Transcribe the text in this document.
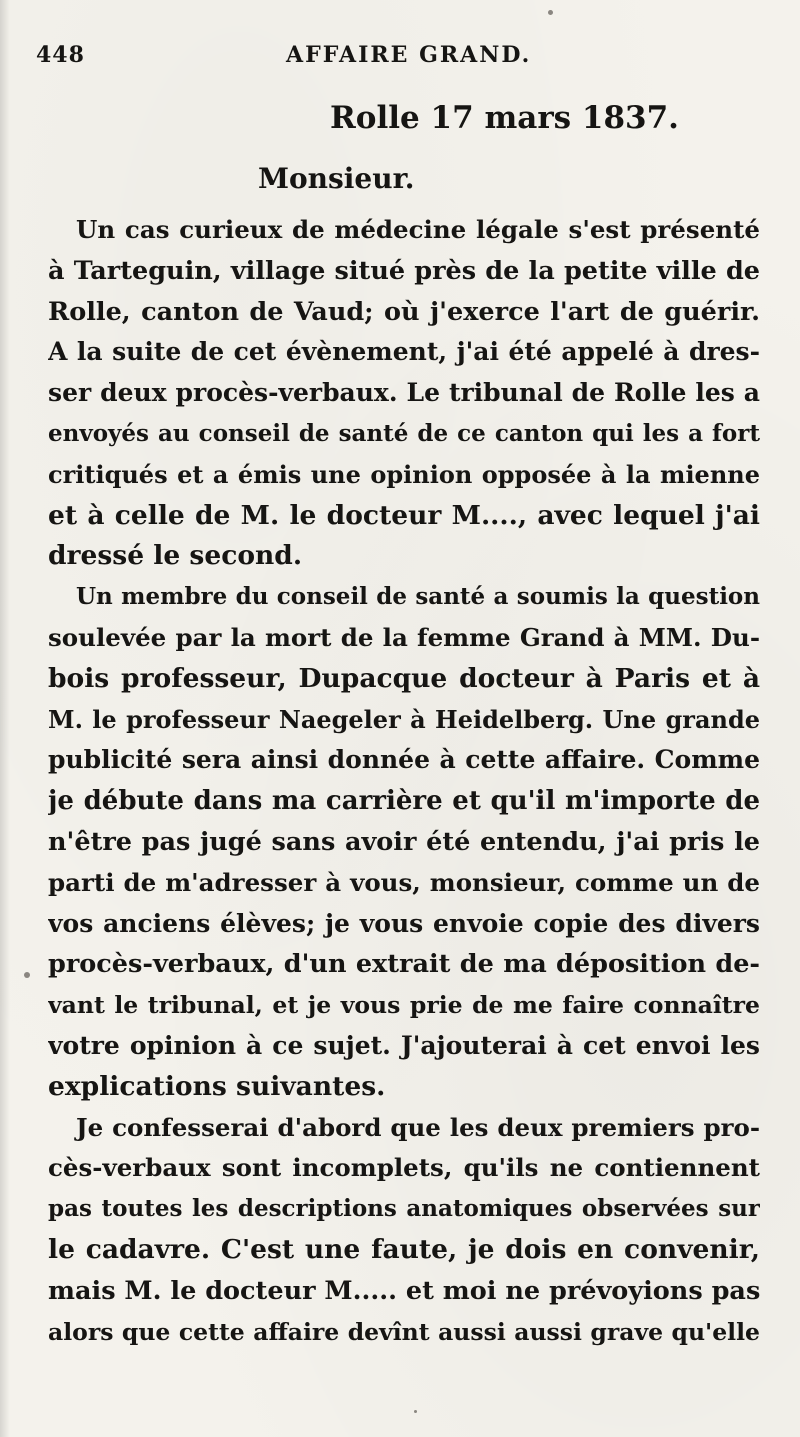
448	AFFAIRE GRAND.
Rolle 17 mars 1837.
Monsieur.
Un cas curieux de médecine légale s'est présenté
à Tarteguin, village situé près de la petite ville de
Rolle, canton de Vaud; où j'exerce l'art de guérir.
A la suite de cet évènement, j'ai été appelé à dres-
ser deux procès-verbaux. Le tribunal de Rolle les a
envoyés au conseil de santé de ce canton qui les a fort
critiqués et a émis une opinion opposée à la mienne
et à celle de M. le docteur M...., avec lequel j'ai
dressé le second.
Un membre du conseil de santé a soumis la question
soulevée par la mort de la femme Grand à MM. Du-
bois professeur, Dupacque docteur à Paris et à
M. le professeur Naegeler à Heidelberg. Une grande
publicité sera ainsi donnée à cette affaire. Comme
je débute dans ma carrière et qu'il m'importe de
n'être pas jugé sans avoir été entendu, j'ai pris le
parti de m'adresser à vous, monsieur, comme un de
vos anciens élèves; je vous envoie copie des divers
procès-verbaux, d'un extrait de ma déposition de-
vant le tribunal, et je vous prie de me faire connaître
votre opinion à ce sujet. J'ajouterai à cet envoi les
explications suivantes.
Je confesserai d'abord que les deux premiers pro-
cès-verbaux sont incomplets, qu'ils ne contiennent
pas toutes les descriptions anatomiques observées sur
le cadavre. C'est une faute, je dois en convenir,
mais M. le docteur M..... et moi ne prévoyions pas
alors que cette affaire devînt aussi aussi grave qu'elle
